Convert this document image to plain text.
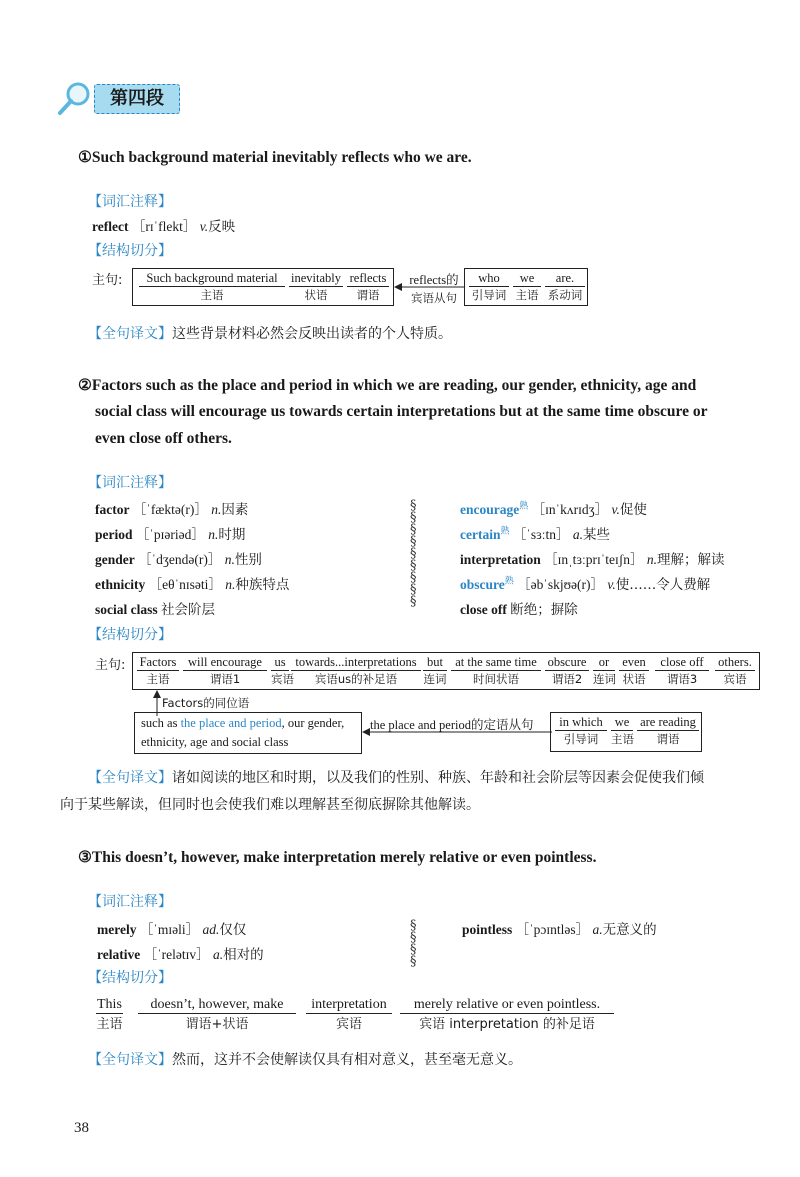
第四段
①Such background material inevitably reflects who we are.
【词汇注释】
reflect ［rɪˈflekt］ v.反映
【结构切分】
主句:	Such background material
主语
inevitably
状语
reflects
谓语
reflects的
宾语从句
who
引导词
we
主语
are.
系动词
【全句译文】这些背景材料必然会反映出读者的个人特质。
②Factors such as the place and period in which we are reading, our gender, ethnicity, age and
social class will encourage us towards certain interpretations but at the same time obscure or
even close off others.
【词汇注释】
factor ［ˈfæktə(r)］ n.因素
period ［ˈpɪəriəd］ n.时期
gender ［ˈdʒendə(r)］ n.性别
ethnicity ［eθˈnɪsəti］ n.种族特点
social class 社会阶层
§
§
§
§
§
§
§
§
§
encourage$^熟$ ［ɪnˈkʌrɪdʒ］ v.促使
certain$^熟$ ［ˈsɜːtn］ a.某些
interpretation ［ɪnˌtɜːprɪˈteɪʃn］ n.理解；解读
obscure$^熟$ ［əbˈskjʊə(r)］ v.使……令人费解
close off 断绝；摒除
【结构切分】
主句: Factors
主语
will encourage
谓语1
us
宾语
towards...interpretations
宾语us的补足语
but
连词
at the same time
时间状语
obscure
谓语2
or
连词
even
状语
close off
谓语3
others.
宾语
Factors的同位语
such as the place and period, our gender,
ethnicity, age and social class
the place and period的定语从句	in which
引导词
we
主语
are reading
谓语
【全句译文】诸如阅读的地区和时期，以及我们的性别、种族、年龄和社会阶层等因素会促使我们倾
向于某些解读，但同时也会使我们难以理解甚至彻底摒除其他解读。
③This doesn’t, however, make interpretation merely relative or even pointless.
【词汇注释】
merely ［ˈmɪəli］ ad.仅仅
relative ［ˈrelətɪv］ a.相对的
§
§
§
§
pointless ［ˈpɔɪntləs］ a.无意义的
【结构切分】
This
主语
doesn’t, however, make
谓语+状语
interpretation
宾语
merely relative or even pointless.
宾语 interpretation 的补足语
【全句译文】然而，这并不会使解读仅具有相对意义，甚至毫无意义。
38
